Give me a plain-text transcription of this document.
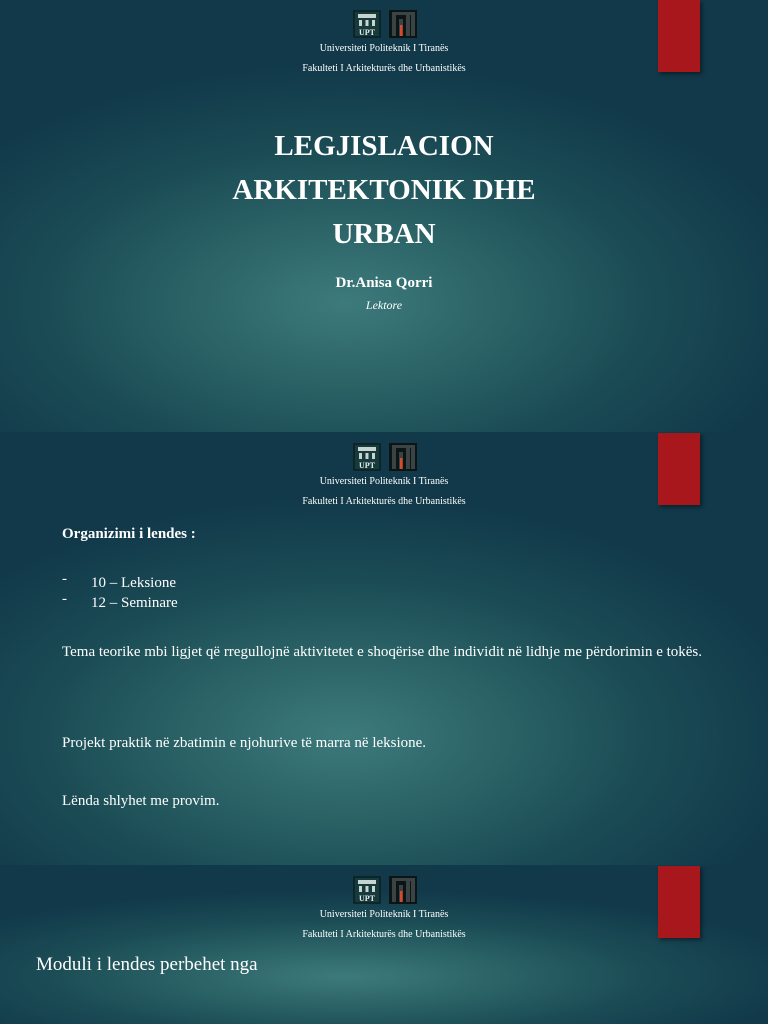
UPT
Universiteti Politeknik I Tiranës
Fakulteti I Arkitekturës dhe Urbanistikës
LEGJISLACION
ARKITEKTONIK DHE
URBAN
Dr.Anisa Qorri
Lektore
UPT
Universiteti Politeknik I Tiranës
Fakulteti I Arkitekturës dhe Urbanistikës
Organizimi i lendes :
- 10 – Leksione
- 12 – Seminare
Tema teorike mbi ligjet që rregullojnë aktivitetet e shoqërise dhe individit në lidhje me përdorimin e tokës.
Projekt praktik në zbatimin e njohurive të marra në leksione.
Lënda shlyhet me provim.
UPT
Universiteti Politeknik I Tiranës
Fakulteti I Arkitekturës dhe Urbanistikës
Moduli i lendes perbehet nga
